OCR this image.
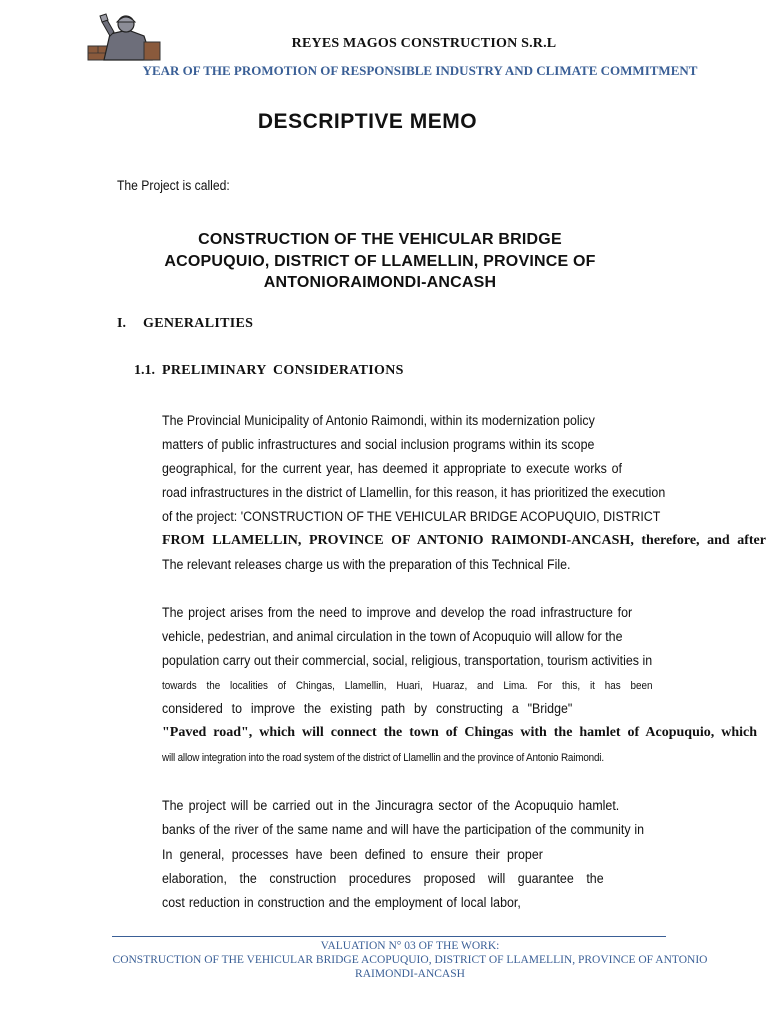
REYES MAGOS CONSTRUCTION S.R.L
YEAR OF THE PROMOTION OF RESPONSIBLE INDUSTRY AND CLIMATE COMMITMENT
DESCRIPTIVE MEMO
The Project is called:
CONSTRUCTION OF THE VEHICULAR BRIDGE
ACOPUQUIO, DISTRICT OF LLAMELLIN, PROVINCE OF
ANTONIORAIMONDI-ANCASH
I. GENERALITIES
1.1. PRELIMINARY CONSIDERATIONS
The Provincial Municipality of Antonio Raimondi, within its modernization policy
matters of public infrastructures and social inclusion programs within its scope
geographical, for the current year, has deemed it appropriate to execute works of
road infrastructures in the district of Llamellin, for this reason, it has prioritized the execution
of the project: 'CONSTRUCTION OF THE VEHICULAR BRIDGE ACOPUQUIO, DISTRICT
FROM LLAMELLIN, PROVINCE OF ANTONIO RAIMONDI-ANCASH, therefore, and after
The relevant releases charge us with the preparation of this Technical File.
The project arises from the need to improve and develop the road infrastructure for
vehicle, pedestrian, and animal circulation in the town of Acopuquio will allow for the
population carry out their commercial, social, religious, transportation, tourism activities in
towards the localities of Chingas, Llamellin, Huari, Huaraz, and Lima. For this, it has been
considered to improve the existing path by constructing a "Bridge"
"Paved road", which will connect the town of Chingas with the hamlet of Acopuquio, which
will allow integration into the road system of the district of Llamellin and the province of Antonio Raimondi.
The project will be carried out in the Jincuragra sector of the Acopuquio hamlet.
banks of the river of the same name and will have the participation of the community in
In general, processes have been defined to ensure their proper
elaboration, the construction procedures proposed will guarantee the
cost reduction in construction and the employment of local labor,
VALUATION N° 03 OF THE WORK:
CONSTRUCTION OF THE VEHICULAR BRIDGE ACOPUQUIO, DISTRICT OF LLAMELLIN, PROVINCE OF ANTONIO
RAIMONDI-ANCASH
